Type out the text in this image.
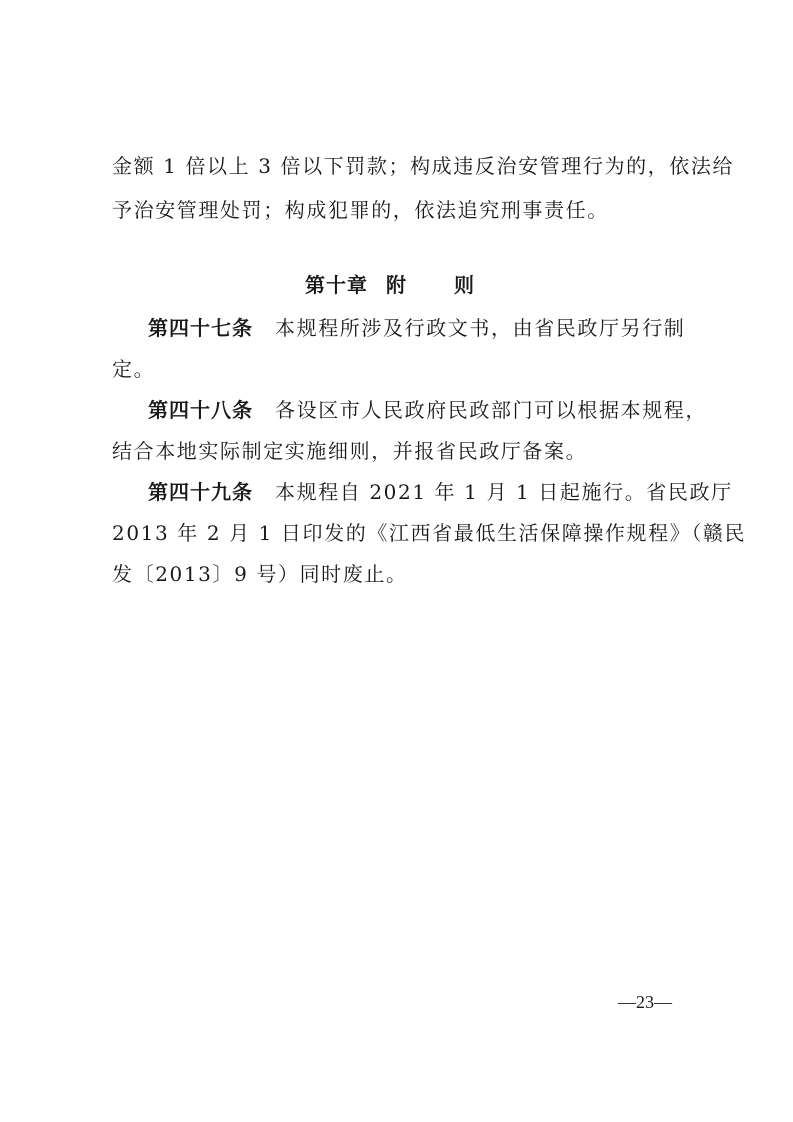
金额 1 倍以上 3 倍以下罚款；构成违反治安管理行为的，依法给
予治安管理处罚；构成犯罪的，依法追究刑事责任。
第十章 附　则
第四十七条 本规程所涉及行政文书，由省民政厅另行制
定。
第四十八条 各设区市人民政府民政部门可以根据本规程，
结合本地实际制定实施细则，并报省民政厅备案。
第四十九条 本规程自 2021 年 1 月 1 日起施行。省民政厅
2013 年 2 月 1 日印发的《江西省最低生活保障操作规程》（赣民
发〔2013〕9 号）同时废止。
—23—
